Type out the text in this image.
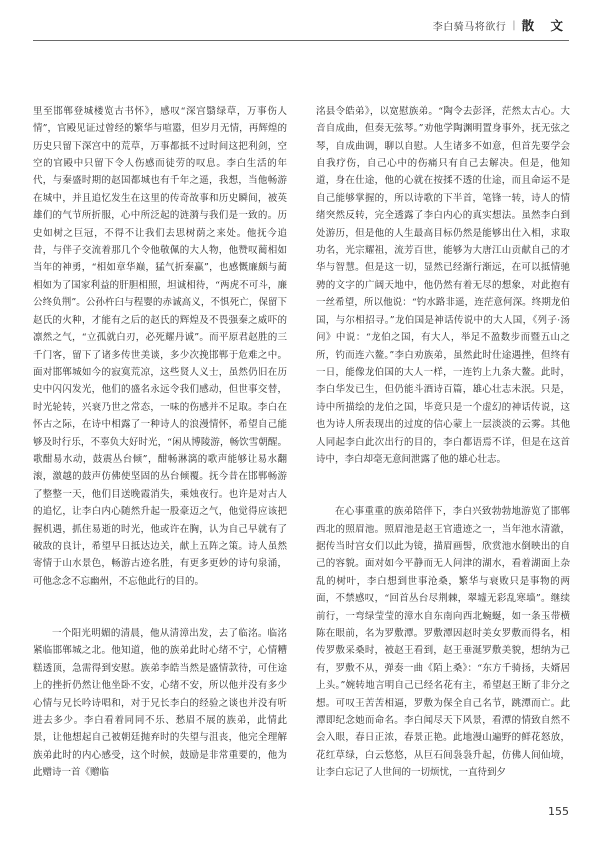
李白骑马将欲行 | 散 文

里至邯郸登城楼览古书怀》，感叹“深宫翳绿草，万事伤人情”，官殿见证过曾经的繁华与喧嚣，但岁月无情，再辉煌的历史只留下深宫中的荒草，万事都抵不过时间这把利剑，空空的官殿中只留下令人伤感而徒劳的叹息。李白生活的年代，与秦盛时期的赵国都城也有千年之遥，我想，当他畅游在城中，并且追忆发生在这里的传奇故事和历史瞬间，被英雄们的气节所折服，心中所泛起的涟漪与我们是一致的。历史如树之巨冠，不得不让我们去思树荫之来处。他抚今追昔，与伴子交流着那几个令他敬佩的大人物，他赞叹蔺相如当年的神勇，“相如章华巅，猛气折秦赢”，也感慨廉颇与蔺相如为了国家利益的肝胆相照，坦诚相待，“两虎不可斗，廉公终负荆”。公孙杵臼与程婴的赤诚高义，不惧死亡，保留下赵氏的火种，才能有之后的赵氏的辉煌及不畏强秦之威吓的凛然之气，“立孤就白刃，必死耀丹诚”。而平原君赵胜的三千门客，留下了诸多传世美谈，多少次挽邯郸于危难之中。面对邯郸城如今的寂寞荒凉，这些贤人义士，虽然仍旧在历史中闪闪发光，他们的盛名永远令我们感动，但世事交替，时光轮转，兴衰乃世之常态，一味的伤感并不足取。李白在怀古之际，在诗中相露了一种诗人的浪漫情怀，希望自己能够及时行乐，不辜负大好时光，“闲从博陵游，畅饮雪朝醒。歌酣易水动，鼓震丛台倾”，酣畅淋漓的歌声能够让易水翻滚，激越的鼓声仿佛使坚固的丛台倾覆。抚今昔在邯郸畅游了整整一天，他们目送晚霞消失，乘烛夜行。也许是对古人的追忆，让李白内心随然升起一股豪迈之气，他觉得应该把握机遇，抓住易逝的时光，他或许在胸，认为自己早就有了破敌的良计，希望早日抵达边关，献上五阵之策。诗人虽然寄情于山水景色，畅游古迹名胜，有更多更妙的诗句泉涌，可他念念不忘幽州，不忘他此行的目的。

一个阳光明媚的清晨，他从清漳出发，去了临洺。临洺紧临邯郸城之北。他知道，他的族弟此时心绪不宁，心情糟糕透顶，急需得到安慰。族弟李皓当然是盛情款待，可住途上的挫折仍然让他坐卧不安，心绪不安，所以他并没有多少心情与兄长吟诗唱和，对于兄长李白的经验之谈也并没有听进去多少。李白看着同同不乐、愁眉不展的族弟，此情此景，让他想起自己被朝廷抛弃时的失望与沮丧，他完全理解族弟此时的内心感受，这个时候，鼓励是非常重要的，他为此赠诗一首《赠临

洺县令皓弟》，以宽慰族弟。“陶令去彭泽，茫然太古心。大音自成曲，但奏无弦琴。”劝他学陶渊明置身事外，抚无弦之琴，自成曲调，聊以自慰。人生诸多不如意，但首先要学会自我疗伤，自己心中的伤痛只有自己去解决。但是，他知道，身在仕途，他的心就在按揉不透的仕途，而且命运不是自己能够掌握的，所以诗歌的下半首，笔锋一转，诗人的情绪突然反转，完全透露了李白内心的真实想法。虽然李白到处游历，但是他的人生最高目标仍然是能够出仕入相，求取功名，光宗耀祖，流芳百世，能够为大唐江山贡献自己的才华与智慧。但是这一切，显然已经渐行渐远，在可以抵情驰骋的文字的广阔天地中，他仍然有着无尽的想象，对此抱有一丝希望，所以他说：“钓水路非遥，连茫意何深。终期龙伯国，与尔相招寻。”龙伯国是神话传说中的大人国，《列子·汤问》中说：“龙伯之国，有大人，举足不盈数步而暨五山之所，钓而连六鳌。”李白劝族弟，虽然此时仕途遇挫，但终有一日，能像龙伯国的大人一样，一连钓上九条大鳌。此时，李白华发已生，但仍能斗酒诗百篇，雄心壮志未泯。只是，诗中所描绘的龙伯之国，毕竟只是一个虚幻的神话传说，这也为诗人所表现出的过度的信心蒙上一层淡淡的云雾。其他人同起李白此次出行的目的，李白都语焉不详，但是在这首诗中，李白却毫无意间泄露了他的雄心壮志。

在心事重重的族弟陪伴下，李白兴致勃勃地游览了邯郸西北的照眉池。照眉池是赵王官遗迹之一，当年池水清澈，据传当时宫女们以此为镜，描眉画髻，欣赏池水倒映出的自己的容貌。面对如今平静而无人问津的湖水，看着湖面上杂乱的树叶，李白想到世事沧桑，繁华与衰败只是事物的两面，不禁感叹，“回首丛台尽荆棘，翠墟无彩乱寒墙”。继续前行，一弯绿莹莹的漳水自东南向西北蜿蜒，如一条玉带横陈在眼前，名为罗敷潭。罗敷潭因赵时美女罗敷而得名，相传罗敷采桑时，被赵王看到，赵王垂涎罗敷美貌，想纳为己有，罗敷不从，弹奏一曲《陌上桑》：“东方千骑扬，夫婿居上头。”婉转地言明自己已经名花有主，希望赵王断了非分之想。可叹王苦苦相逼，罗敷为保全自己名节，跳潭而亡。此潭即纪念她而命名。李白闻尽天下风景，看潭的情致自然不会入眼，春日正浓，春景正艳。此地漫山遍野的鲜花怒放，花红草绿，白云悠悠，从巨石间袅袅升起，仿佛人间仙境，让李白忘记了人世间的一切烦忧，一直待到夕

155
